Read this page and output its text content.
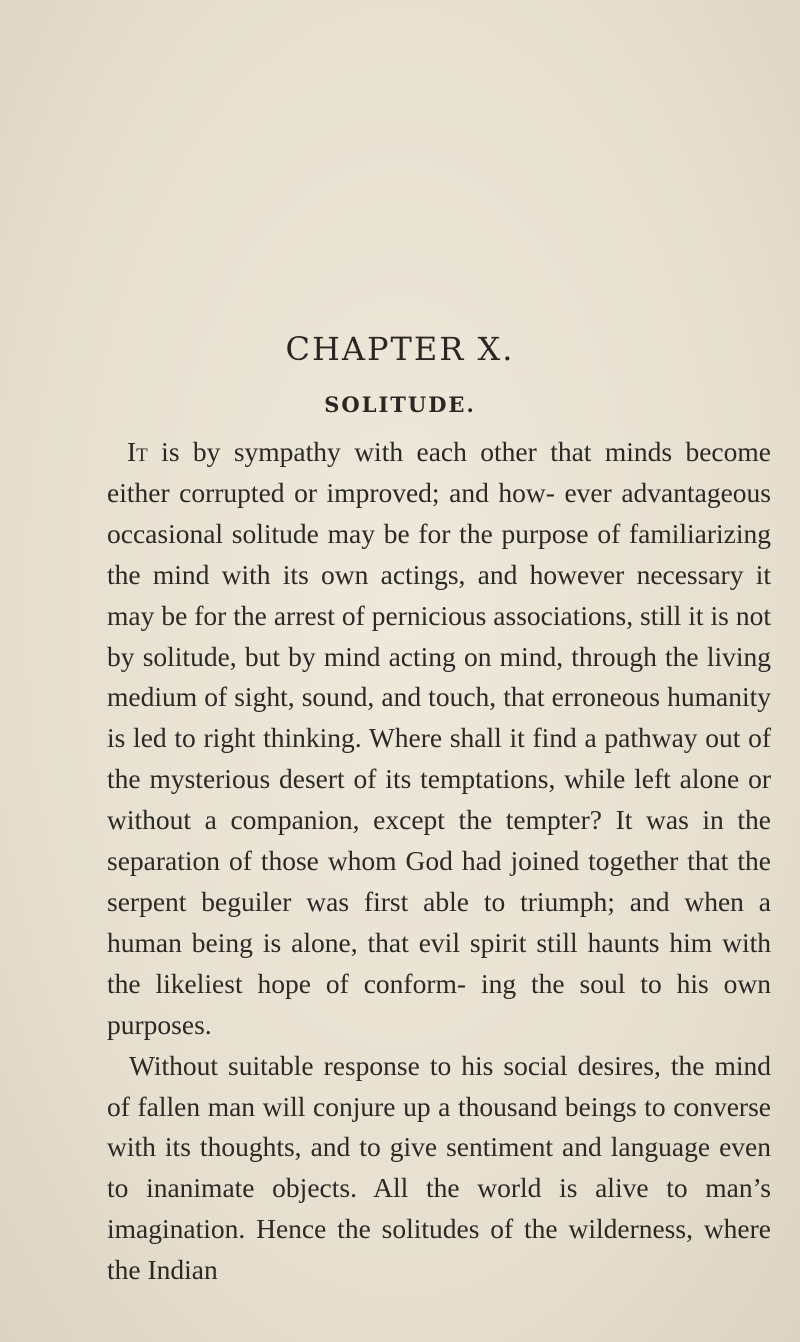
CHAPTER X.
SOLITUDE.

It is by sympathy with each other that minds become either corrupted or improved; and how- ever advantageous occasional solitude may be for the purpose of familiarizing the mind with its own actings, and however necessary it may be for the arrest of pernicious associations, still it is not by solitude, but by mind acting on mind, through the living medium of sight, sound, and touch, that erroneous humanity is led to right thinking. Where shall it find a pathway out of the mysterious desert of its temptations, while left alone or without a companion, except the tempter? It was in the separation of those whom God had joined together that the serpent beguiler was first able to triumph; and when a human being is alone, that evil spirit still haunts him with the likeliest hope of conform- ing the soul to his own purposes.

Without suitable response to his social desires, the mind of fallen man will conjure up a thousand beings to converse with its thoughts, and to give sentiment and language even to inanimate objects. All the world is alive to man’s imagination. Hence the solitudes of the wilderness, where the Indian
